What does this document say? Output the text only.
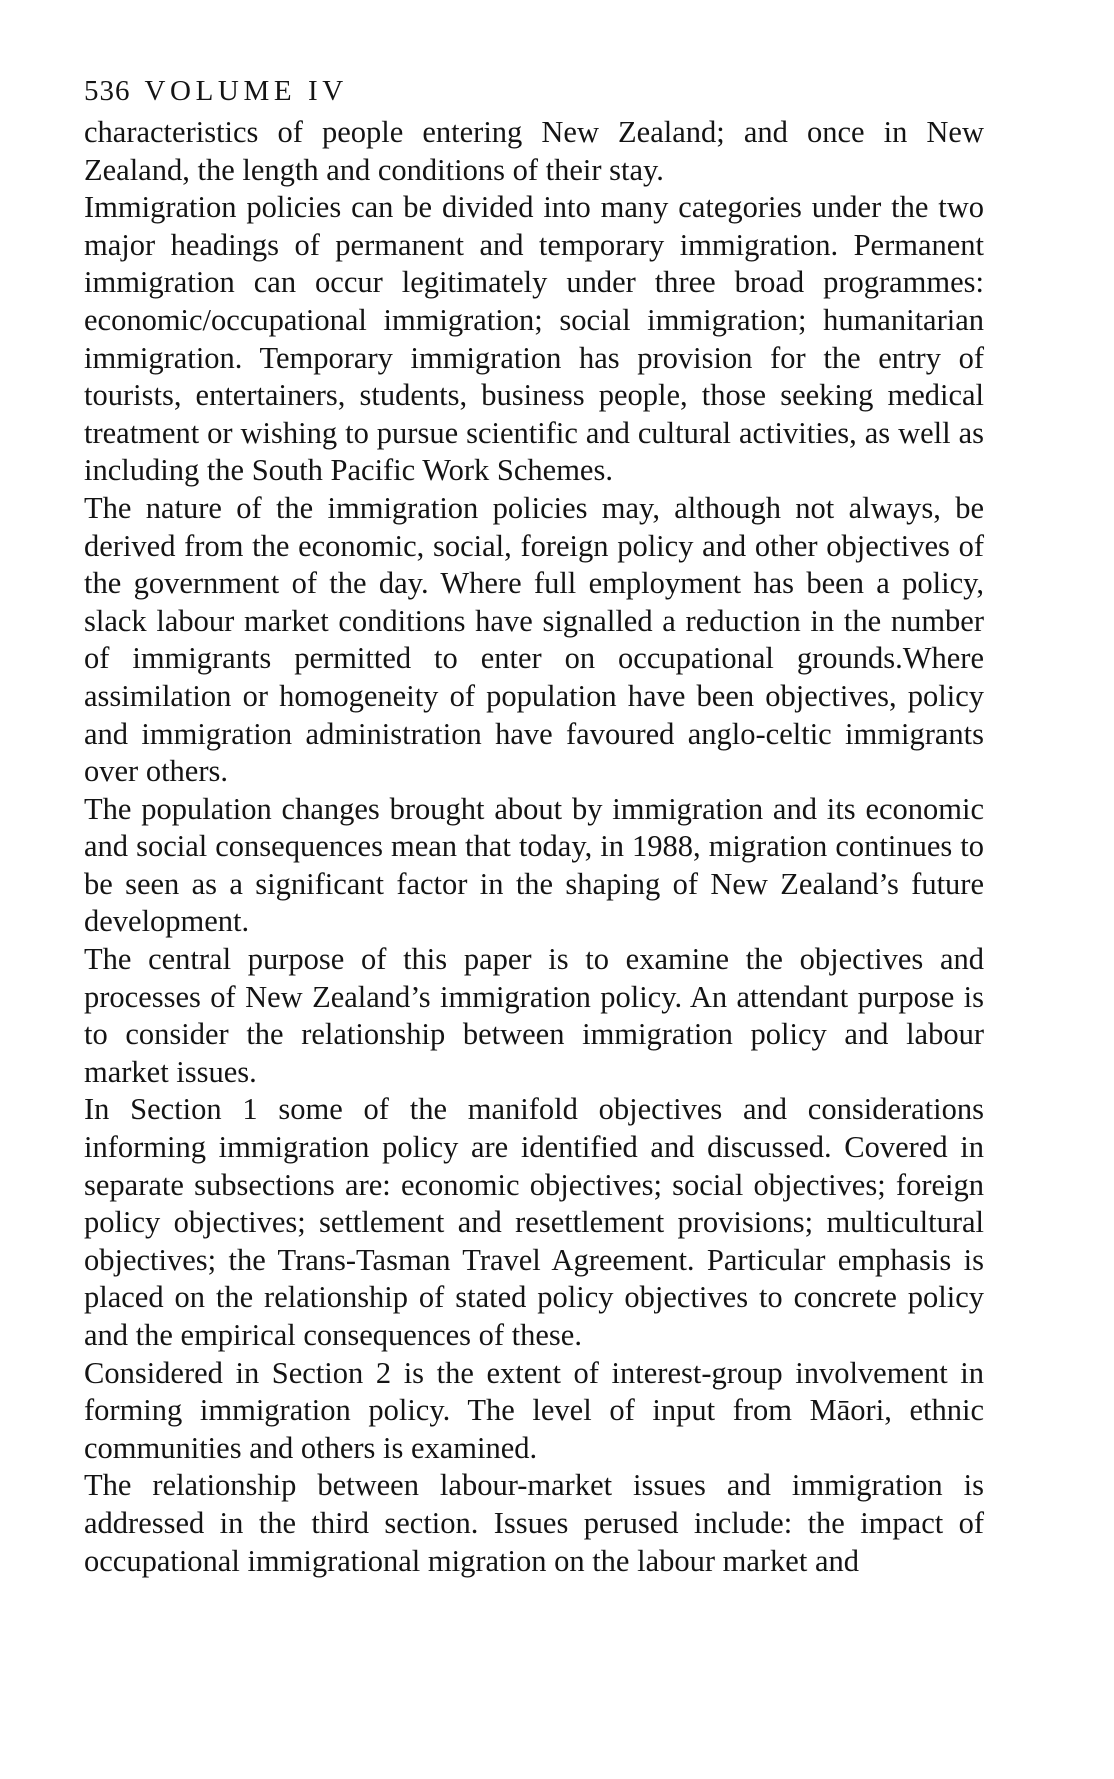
536 VOLUME IV

characteristics of people entering New Zealand; and once in New Zealand, the length and conditions of their stay.

Immigration policies can be divided into many categories under the two major headings of permanent and temporary immigration. Permanent immigration can occur legitimately under three broad programmes: economic/occupational immigration; social immigration; humanitarian immigration. Temporary immigration has provision for the entry of tourists, entertainers, students, business people, those seeking medical treatment or wishing to pursue scientific and cultural activities, as well as including the South Pacific Work Schemes.

The nature of the immigration policies may, although not always, be derived from the economic, social, foreign policy and other objectives of the government of the day. Where full employment has been a policy, slack labour market conditions have signalled a reduction in the number of immigrants permitted to enter on occupational grounds.Where assimilation or homogeneity of population have been objectives, policy and immigration administration have favoured anglo-celtic immigrants over others.

The population changes brought about by immigration and its economic and social consequences mean that today, in 1988, migration continues to be seen as a significant factor in the shaping of New Zealand’s future development.

The central purpose of this paper is to examine the objectives and processes of New Zealand’s immigration policy. An attendant purpose is to consider the relationship between immigration policy and labour market issues.

In Section 1 some of the manifold objectives and considerations informing immigration policy are identified and discussed. Covered in separate subsections are: economic objectives; social objectives; foreign policy objectives; settlement and resettlement provisions; multicultural objectives; the Trans-Tasman Travel Agreement. Particular emphasis is placed on the relationship of stated policy objectives to concrete policy and the empirical consequences of these.

Considered in Section 2 is the extent of interest-group involvement in forming immigration policy. The level of input from Māori, ethnic communities and others is examined.

The relationship between labour-market issues and immigration is addressed in the third section. Issues perused include: the impact of occupational immigrational migration on the labour market and
